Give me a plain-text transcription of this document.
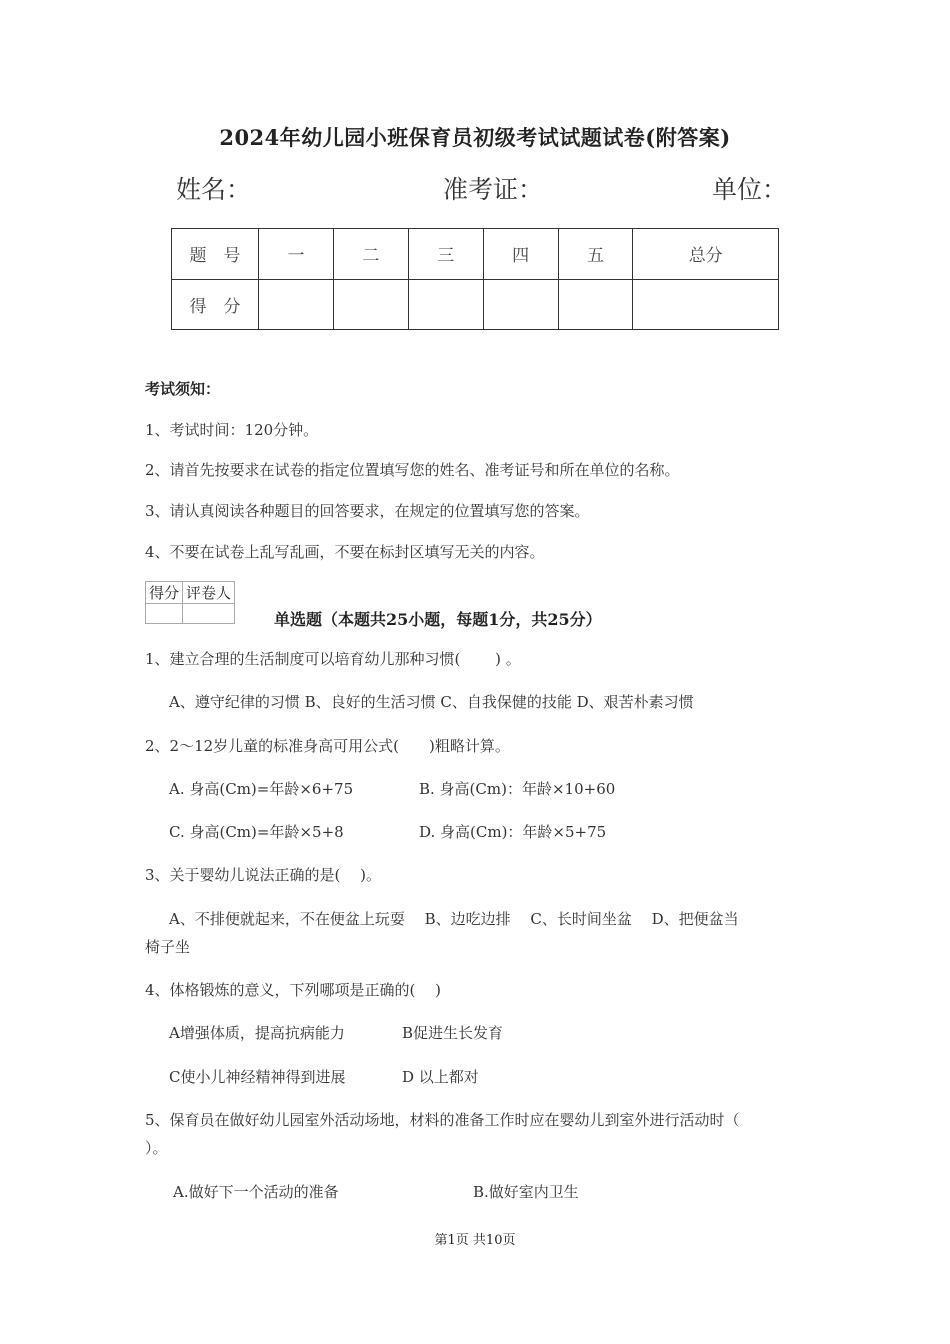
2024年幼儿园小班保育员初级考试试题试卷(附答案)
姓名：	准考证：	单位：
题　号	一	二	三	四	五	总分
得　分						
考试须知：
1、考试时间：120分钟。
2、请首先按要求在试卷的指定位置填写您的姓名、准考证号和所在单位的名称。
3、请认真阅读各种题目的回答要求，在规定的位置填写您的答案。
4、不要在试卷上乱写乱画，不要在标封区填写无关的内容。
得分	评卷人

单选题（本题共25小题，每题1分，共25分）
1、建立合理的生活制度可以培育幼儿那种习惯(　　 ) 。
A、遵守纪律的习惯 B、良好的生活习惯 C、自我保健的技能 D、艰苦朴素习惯
2、2～12岁儿童的标准身高可用公式(　　)粗略计算。
A. 身高(Cm)=年龄×6+75	B. 身高(Cm)：年龄×10+60
C. 身高(Cm)=年龄×5+8	D. 身高(Cm)：年龄×5+75
3、关于婴幼儿说法正确的是(　 )。
A、不排便就起来，不在便盆上玩耍　 B、边吃边排　 C、长时间坐盆　 D、把便盆当
椅子坐
4、体格锻炼的意义，下列哪项是正确的(　 )
A增强体质，提高抗病能力	B促进生长发育
C使小儿神经精神得到进展	D 以上都对
5、保育员在做好幼儿园室外活动场地，材料的准备工作时应在婴幼儿到室外进行活动时（
）。
A.做好下一个活动的准备	B.做好室内卫生
第1页 共10页
